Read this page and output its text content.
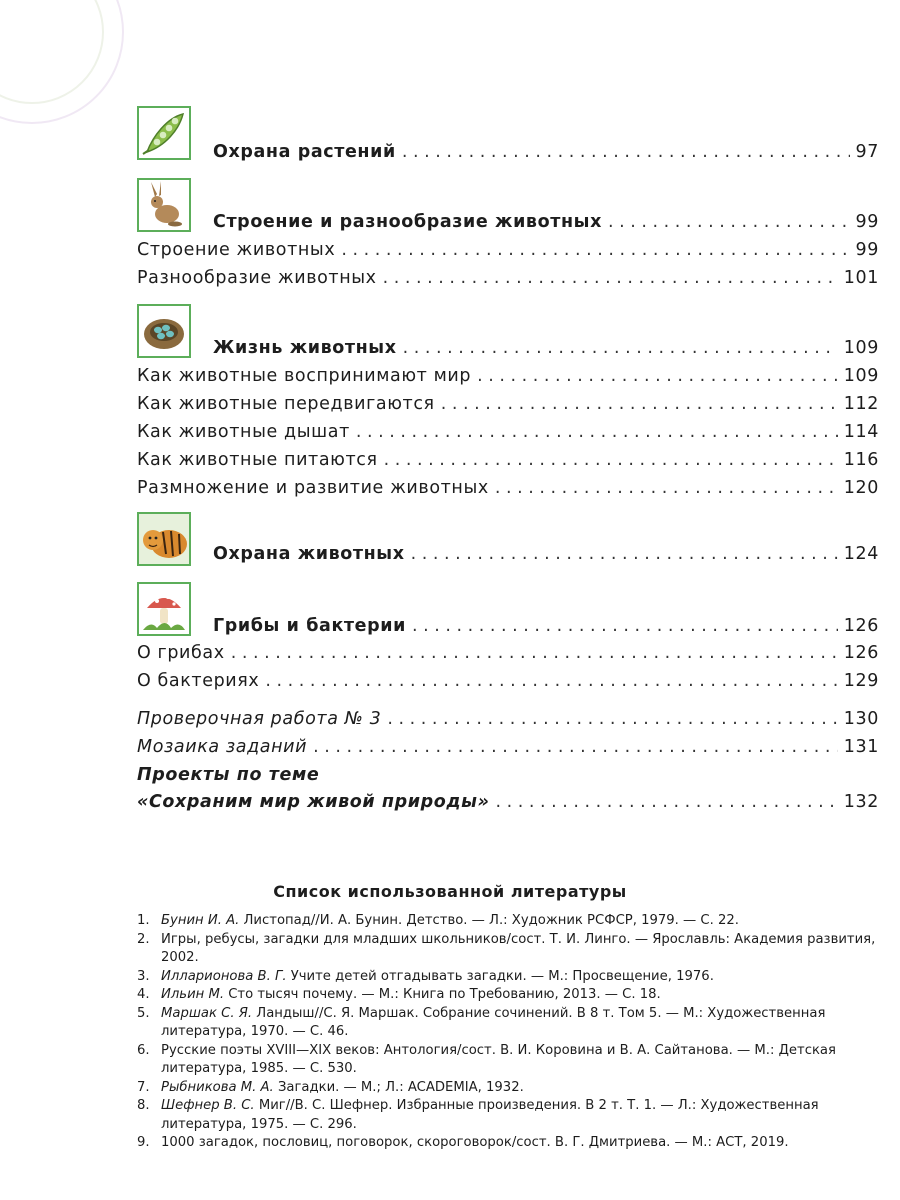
Охрана растений . . .	97
Строение и разнообразие животных . . .	99
Строение животных . . .	99
Разнообразие животных . . .	101
Жизнь животных . . .	109
Как животные воспринимают мир . . .	109
Как животные передвигаются . . .	112
Как животные дышат . . .	114
Как животные питаются . . .	116
Размножение и развитие животных . . .	120
Охрана животных . . .	124
Грибы и бактерии . . .	126
О грибах . . .	126
О бактериях . . .	129
Проверочная работа № 3 . . .	130
Мозаика заданий . . .	131
Проекты по теме
«Сохраним мир живой природы» . . .	132
Список использованной литературы
1. Бунин И. А. Листопад//И. А. Бунин. Детство. — Л.: Художник РСФСР, 1979. — С. 22.
2. Игры, ребусы, загадки для младших школьников/сост. Т. И. Линго. — Ярославль: Академия развития, 2002.
3. Илларионова В. Г. Учите детей отгадывать загадки. — М.: Просвещение, 1976.
4. Ильин М. Сто тысяч почему. — М.: Книга по Требованию, 2013. — С. 18.
5. Маршак С. Я. Ландыш//С. Я. Маршак. Собрание сочинений. В 8 т. Том 5. — М.: Художественная литература, 1970. — С. 46.
6. Русские поэты XVIII—XIX веков: Антология/сост. В. И. Коровина и В. А. Сайтанова. — М.: Детская литература, 1985. — С. 530.
7. Рыбникова М. А. Загадки. — М.; Л.: ACADEMIA, 1932.
8. Шефнер В. С. Миг//В. С. Шефнер. Избранные произведения. В 2 т. Т. 1. — Л.: Художественная литература, 1975. — С. 296.
9. 1000 загадок, пословиц, поговорок, скороговорок/сост. В. Г. Дмитриева. — М.: АСТ, 2019.
